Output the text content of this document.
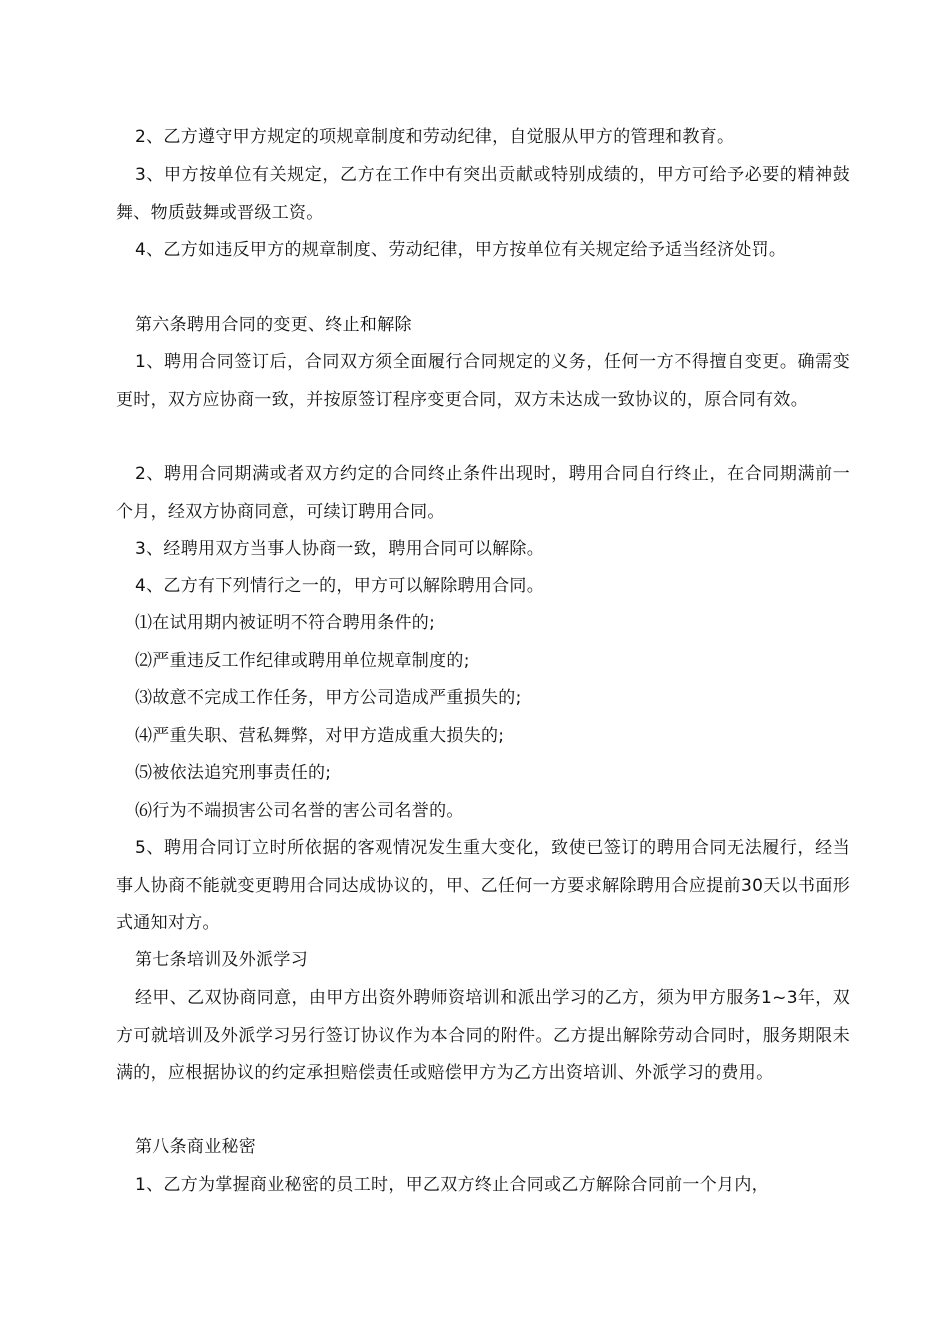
2、乙方遵守甲方规定的项规章制度和劳动纪律，自觉服从甲方的管理和教育。

3、甲方按单位有关规定，乙方在工作中有突出贡献或特别成绩的，甲方可给予必要的精神鼓舞、物质鼓舞或晋级工资。

4、乙方如违反甲方的规章制度、劳动纪律，甲方按单位有关规定给予适当经济处罚。

第六条聘用合同的变更、终止和解除

1、聘用合同签订后，合同双方须全面履行合同规定的义务，任何一方不得擅自变更。确需变更时，双方应协商一致，并按原签订程序变更合同，双方未达成一致协议的，原合同有效。

2、聘用合同期满或者双方约定的合同终止条件出现时，聘用合同自行终止，在合同期满前一个月，经双方协商同意，可续订聘用合同。

3、经聘用双方当事人协商一致，聘用合同可以解除。

4、乙方有下列情行之一的，甲方可以解除聘用合同。

⑴在试用期内被证明不符合聘用条件的;

⑵严重违反工作纪律或聘用单位规章制度的;

⑶故意不完成工作任务，甲方公司造成严重损失的;

⑷严重失职、营私舞弊，对甲方造成重大损失的;

⑸被依法追究刑事责任的;

⑹行为不端损害公司名誉的害公司名誉的。

5、聘用合同订立时所依据的客观情况发生重大变化，致使已签订的聘用合同无法履行，经当事人协商不能就变更聘用合同达成协议的，甲、乙任何一方要求解除聘用合应提前30天以书面形式通知对方。

第七条培训及外派学习

经甲、乙双协商同意，由甲方出资外聘师资培训和派出学习的乙方，须为甲方服务1~3年，双方可就培训及外派学习另行签订协议作为本合同的附件。乙方提出解除劳动合同时，服务期限未满的，应根据协议的约定承担赔偿责任或赔偿甲方为乙方出资培训、外派学习的费用。

第八条商业秘密

1、乙方为掌握商业秘密的员工时，甲乙双方终止合同或乙方解除合同前一个月内，
